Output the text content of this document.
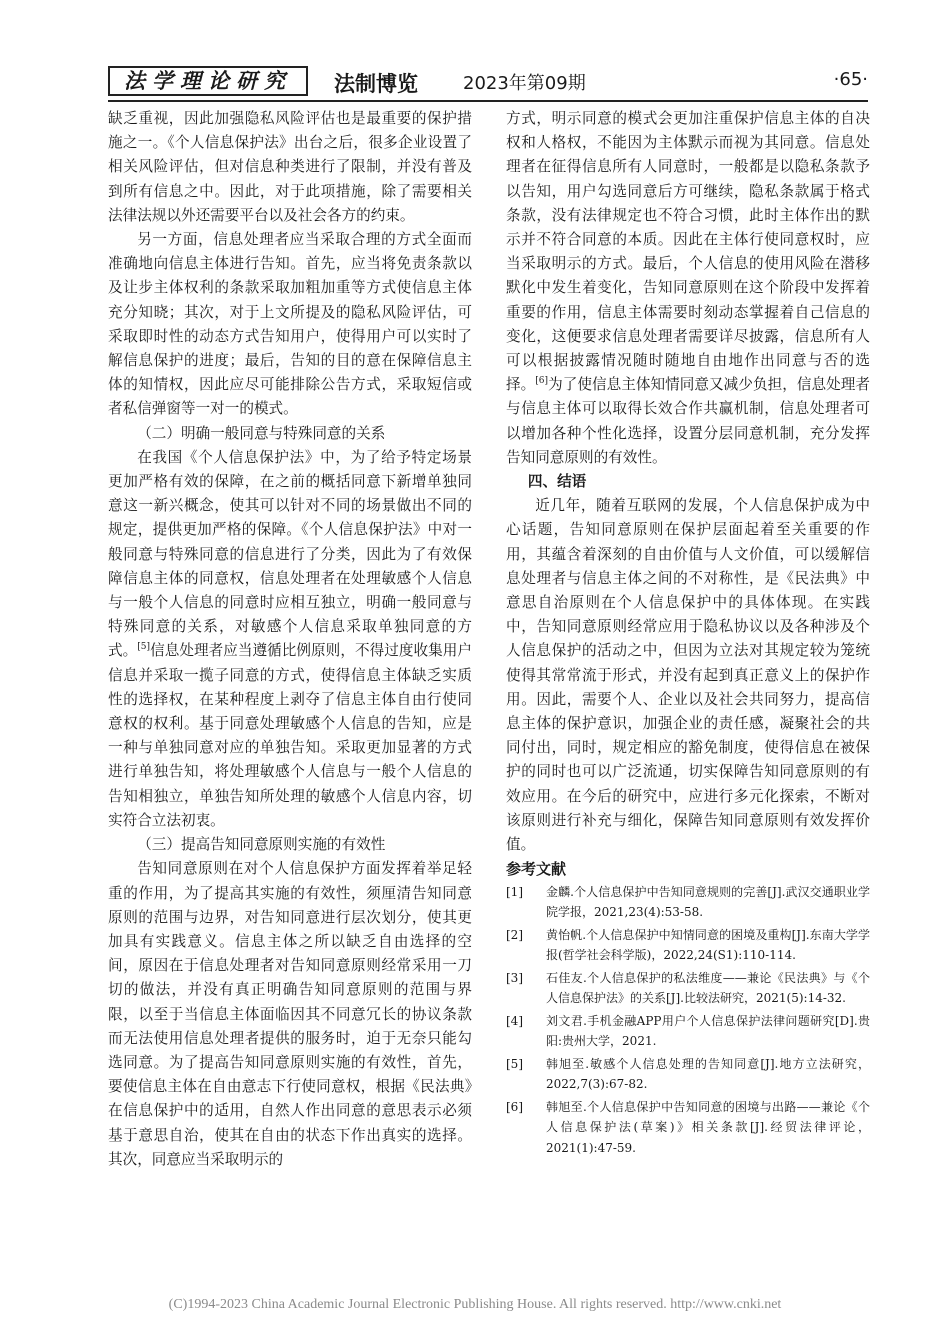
法学理论研究	法制博览	2023年第09期	·65·

缺乏重视，因此加强隐私风险评估也是最重要的保护措施之一。《个人信息保护法》出台之后，很多企业设置了相关风险评估，但对信息种类进行了限制，并没有普及到所有信息之中。因此，对于此项措施，除了需要相关法律法规以外还需要平台以及社会各方的约束。

另一方面，信息处理者应当采取合理的方式全面而准确地向信息主体进行告知。首先，应当将免责条款以及让步主体权利的条款采取加粗加重等方式使信息主体充分知晓；其次，对于上文所提及的隐私风险评估，可采取即时性的动态方式告知用户，使得用户可以实时了解信息保护的进度；最后，告知的目的意在保障信息主体的知情权，因此应尽可能排除公告方式，采取短信或者私信弹窗等一对一的模式。

（二）明确一般同意与特殊同意的关系

在我国《个人信息保护法》中，为了给予特定场景更加严格有效的保障，在之前的概括同意下新增单独同意这一新兴概念，使其可以针对不同的场景做出不同的规定，提供更加严格的保障。《个人信息保护法》中对一般同意与特殊同意的信息进行了分类，因此为了有效保障信息主体的同意权，信息处理者在处理敏感个人信息与一般个人信息的同意时应相互独立，明确一般同意与特殊同意的关系，对敏感个人信息采取单独同意的方式。[5]信息处理者应当遵循比例原则，不得过度收集用户信息并采取一揽子同意的方式，使得信息主体缺乏实质性的选择权，在某种程度上剥夺了信息主体自由行使同意权的权利。基于同意处理敏感个人信息的告知，应是一种与单独同意对应的单独告知。采取更加显著的方式进行单独告知，将处理敏感个人信息与一般个人信息的告知相独立，单独告知所处理的敏感个人信息内容，切实符合立法初衷。

（三）提高告知同意原则实施的有效性

告知同意原则在对个人信息保护方面发挥着举足轻重的作用，为了提高其实施的有效性，须厘清告知同意原则的范围与边界，对告知同意进行层次划分，使其更加具有实践意义。信息主体之所以缺乏自由选择的空间，原因在于信息处理者对告知同意原则经常采用一刀切的做法，并没有真正明确告知同意原则的范围与界限，以至于当信息主体面临因其不同意冗长的协议条款而无法使用信息处理者提供的服务时，迫于无奈只能勾选同意。为了提高告知同意原则实施的有效性，首先，要使信息主体在自由意志下行使同意权，根据《民法典》在信息保护中的适用，自然人作出同意的意思表示必须基于意思自治，使其在自由的状态下作出真实的选择。其次，同意应当采取明示的

方式，明示同意的模式会更加注重保护信息主体的自决权和人格权，不能因为主体默示而视为其同意。信息处理者在征得信息所有人同意时，一般都是以隐私条款予以告知，用户勾选同意后方可继续，隐私条款属于格式条款，没有法律规定也不符合习惯，此时主体作出的默示并不符合同意的本质。因此在主体行使同意权时，应当采取明示的方式。最后，个人信息的使用风险在潜移默化中发生着变化，告知同意原则在这个阶段中发挥着重要的作用，信息主体需要时刻动态掌握着自己信息的变化，这便要求信息处理者需要详尽披露，信息所有人可以根据披露情况随时随地自由地作出同意与否的选择。[6]为了使信息主体知情同意又减少负担，信息处理者与信息主体可以取得长效合作共赢机制，信息处理者可以增加各种个性化选择，设置分层同意机制，充分发挥告知同意原则的有效性。

四、结语

近几年，随着互联网的发展，个人信息保护成为中心话题，告知同意原则在保护层面起着至关重要的作用，其蕴含着深刻的自由价值与人文价值，可以缓解信息处理者与信息主体之间的不对称性，是《民法典》中意思自治原则在个人信息保护中的具体体现。在实践中，告知同意原则经常应用于隐私协议以及各种涉及个人信息保护的活动之中，但因为立法对其规定较为笼统使得其常常流于形式，并没有起到真正意义上的保护作用。因此，需要个人、企业以及社会共同努力，提高信息主体的保护意识，加强企业的责任感，凝聚社会的共同付出，同时，规定相应的豁免制度，使得信息在被保护的同时也可以广泛流通，切实保障告知同意原则的有效应用。在今后的研究中，应进行多元化探索，不断对该原则进行补充与细化，保障告知同意原则有效发挥价值。

参考文献

[1] 金麟.个人信息保护中告知同意规则的完善[J].武汉交通职业学院学报，2021,23(4):53-58.
[2] 黄怡帆.个人信息保护中知情同意的困境及重构[J].东南大学学报(哲学社会科学版)，2022,24(S1):110-114.
[3] 石佳友.个人信息保护的私法维度——兼论《民法典》与《个人信息保护法》的关系[J].比较法研究，2021(5):14-32.
[4] 刘文君.手机金融APP用户个人信息保护法律问题研究[D].贵阳:贵州大学，2021.
[5] 韩旭至.敏感个人信息处理的告知同意[J].地方立法研究，2022,7(3):67-82.
[6] 韩旭至.个人信息保护中告知同意的困境与出路——兼论《个人信息保护法(草案)》相关条款[J].经贸法律评论，2021(1):47-59.
(C)1994-2023 China Academic Journal Electronic Publishing House. All rights reserved. http://www.cnki.net
